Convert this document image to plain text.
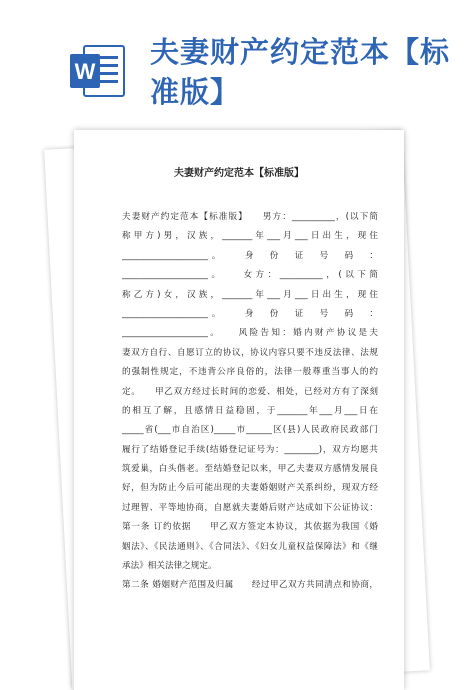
W
夫妻财产约定范本【标
准版】
夫妻财产约定范本【标准版】
夫妻财产约定范本【标准版】　　男方：__________，(以下简
称甲方)男，汉族，_______年___月___日出生，现住
____________________。　　身　份　证　号　码　：
____________________。　　女方：__________，(以下简
称乙方)女，汉族，_______年___月___日出生，现住
____________________。　　身　份　证　号　码　：
____________________。　　风险告知：婚内财产协议是夫
妻双方自行、自愿订立的协议，协议内容只要不违反法律、法规
的强制性规定，不违背公序良俗的，法律一般尊重当事人的约
定。　　甲乙双方经过长时间的恋爱、相处，已经对方有了深刻
的相互了解，且感情日益稳固，于_______年___月___日在
_____省(___市自治区)_____市______区(县)人民政府民政部门
履行了结婚登记手续(结婚登记证号为：________)，双方均愿共
筑爱巢，白头偕老。至结婚登记以来，甲乙夫妻双方感情发展良
好，但为防止今后可能出现的夫妻婚姻财产关系纠纷，现双方经
过理智、平等地协商，自愿就夫妻婚后财产达成如下公证协议：
第一条 订约依据　　甲乙双方签定本协议，其依据为我国《婚
姻法》、《民法通则》、《合同法》、《妇女儿童权益保障法》和《继
承法》相关法律之规定。
第二条 婚姻财产范围及归属　　经过甲乙双方共同清点和协商，
